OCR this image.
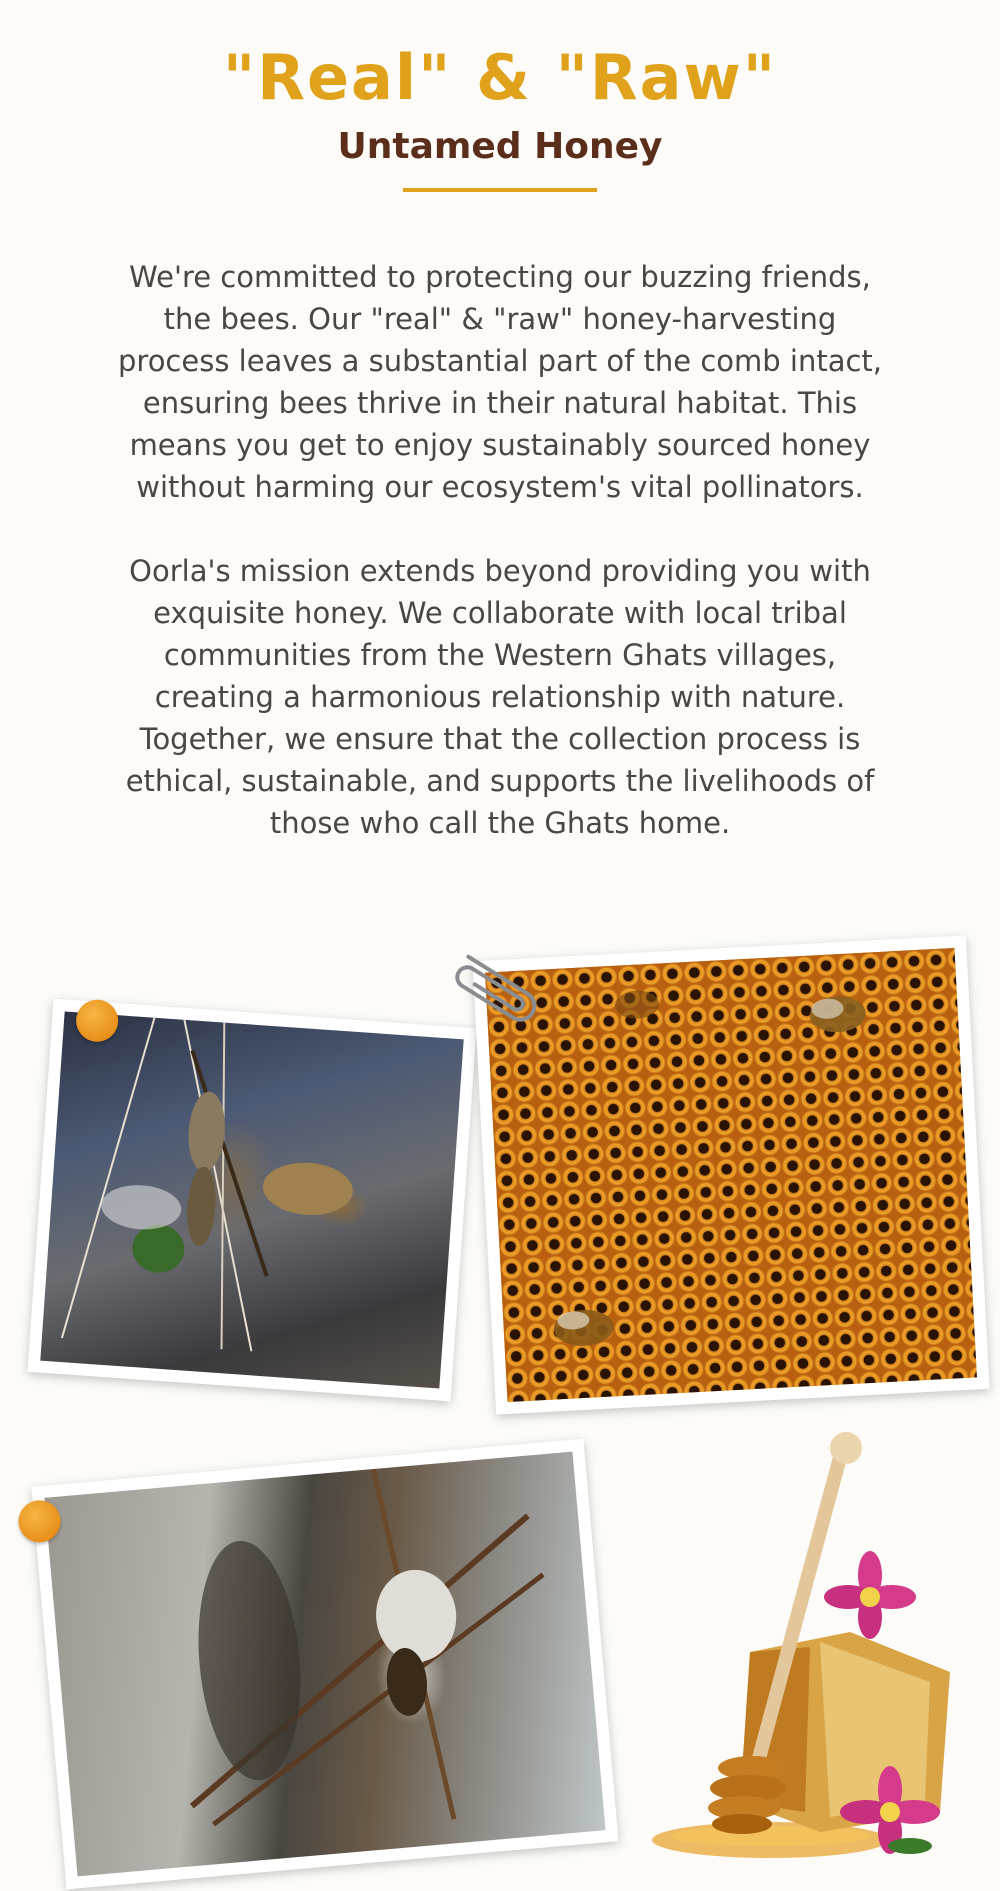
"Real" & "Raw"
Untamed Honey

We're committed to protecting our buzzing friends, the bees. Our "real" & "raw" honey-harvesting process leaves a substantial part of the comb intact, ensuring bees thrive in their natural habitat. This means you get to enjoy sustainably sourced honey without harming our ecosystem's vital pollinators.

Oorla's mission extends beyond providing you with exquisite honey. We collaborate with local tribal communities from the Western Ghats villages, creating a harmonious relationship with nature. Together, we ensure that the collection process is ethical, sustainable, and supports the livelihoods of those who call the Ghats home.
